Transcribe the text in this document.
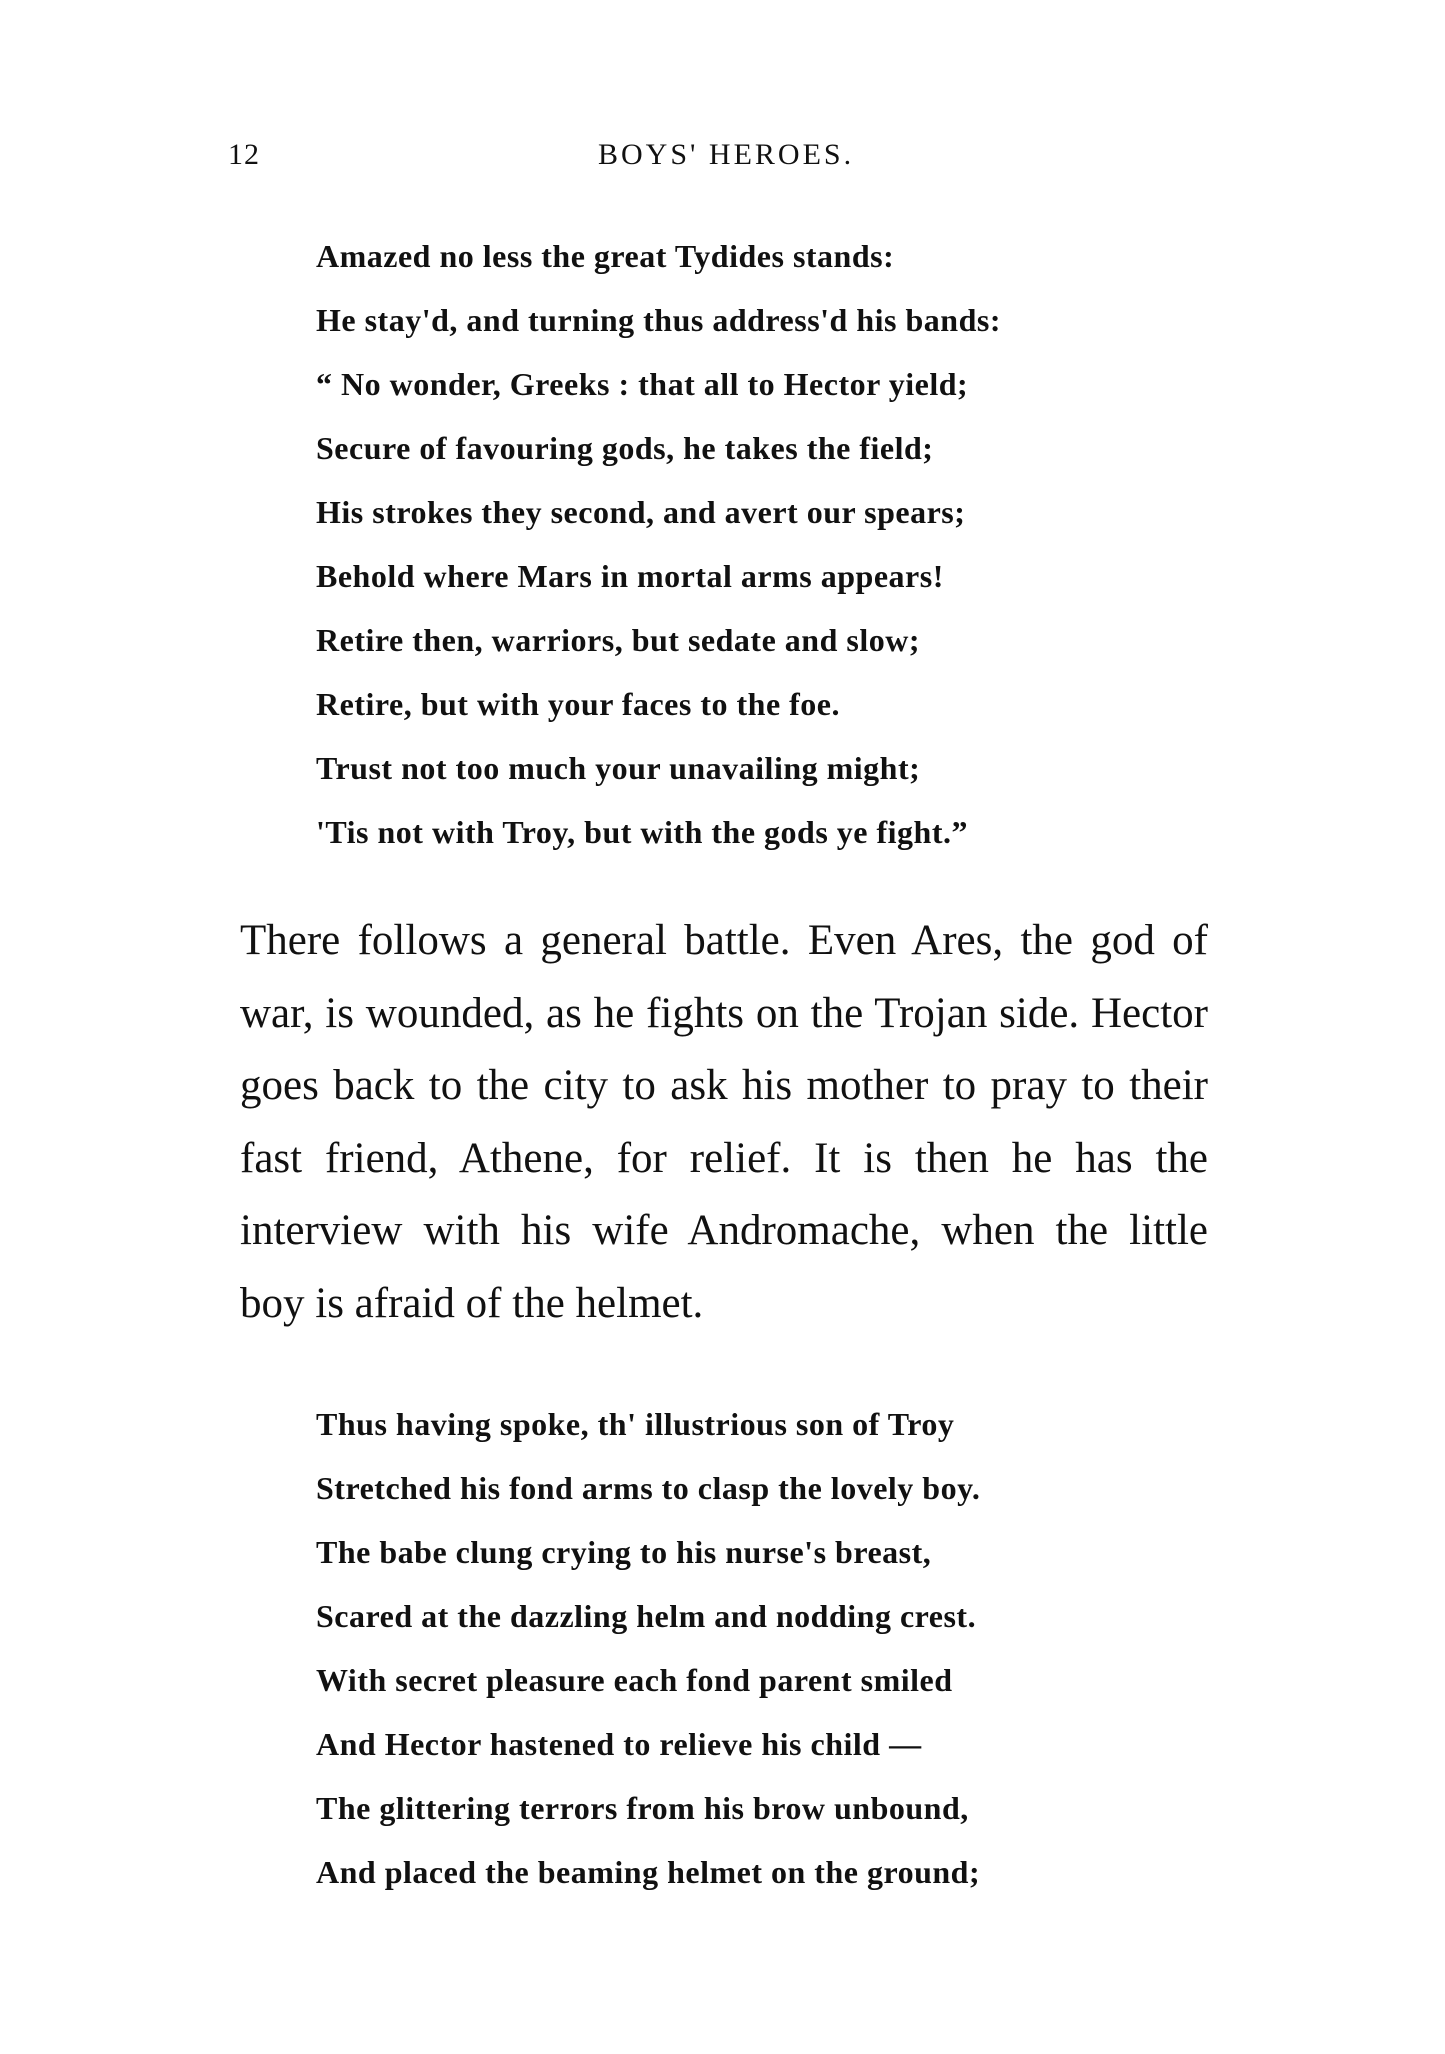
12	BOYS' HEROES.
Amazed no less the great Tydides stands:
He stay'd, and turning thus address'd his bands:
“ No wonder, Greeks : that all to Hector yield;
Secure of favouring gods, he takes the field;
His strokes they second, and avert our spears;
Behold where Mars in mortal arms appears!
Retire then, warriors, but sedate and slow;
Retire, but with your faces to the foe.
Trust not too much your unavailing might;
'Tis not with Troy, but with the gods ye fight.”

There follows a general battle. Even Ares, the god of war, is wounded, as he fights on the Trojan side. Hector goes back to the city to ask his mother to pray to their fast friend, Athene, for relief. It is then he has the interview with his wife Andromache, when the little boy is afraid of the helmet.

Thus having spoke, th' illustrious son of Troy
Stretched his fond arms to clasp the lovely boy.
The babe clung crying to his nurse's breast,
Scared at the dazzling helm and nodding crest.
With secret pleasure each fond parent smiled
And Hector hastened to relieve his child —
The glittering terrors from his brow unbound,
And placed the beaming helmet on the ground;
